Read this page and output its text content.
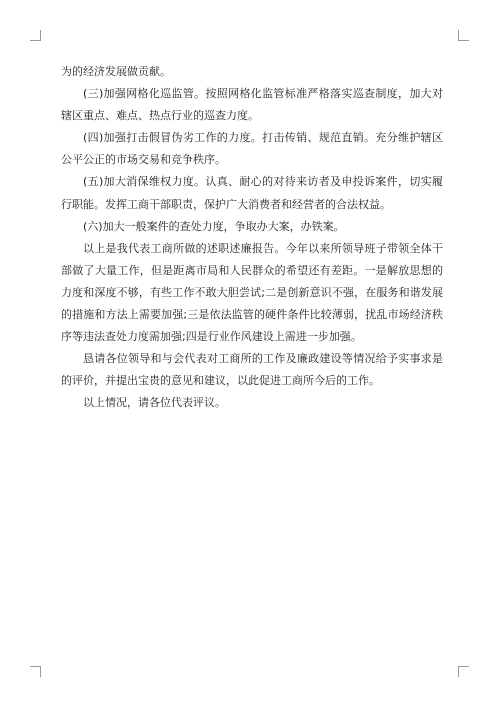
为的经济发展做贡献。

(三)加强网格化巡监管。按照网格化监管标准严格落实巡查制度，加大对辖区重点、难点、热点行业的巡查力度。

(四)加强打击假冒伪劣工作的力度。打击传销、规范直销。充分维护辖区公平公正的市场交易和竞争秩序。

(五)加大消保维权力度。认真、耐心的对待来访者及申投诉案件，切实履行职能。发挥工商干部职责，保护广大消费者和经营者的合法权益。

(六)加大一般案件的查处力度，争取办大案，办铁案。

以上是我代表工商所做的述职述廉报告。今年以来所领导班子带领全体干部做了大量工作，但是距离市局和人民群众的希望还有差距。一是解放思想的力度和深度不够，有些工作不敢大胆尝试;二是创新意识不强，在服务和谐发展的措施和方法上需要加强;三是依法监管的硬件条件比较薄弱，扰乱市场经济秩序等违法查处力度需加强;四是行业作风建设上需进一步加强。

恳请各位领导和与会代表对工商所的工作及廉政建设等情况给予实事求是的评价，并提出宝贵的意见和建议，以此促进工商所今后的工作。

以上情况，请各位代表评议。
